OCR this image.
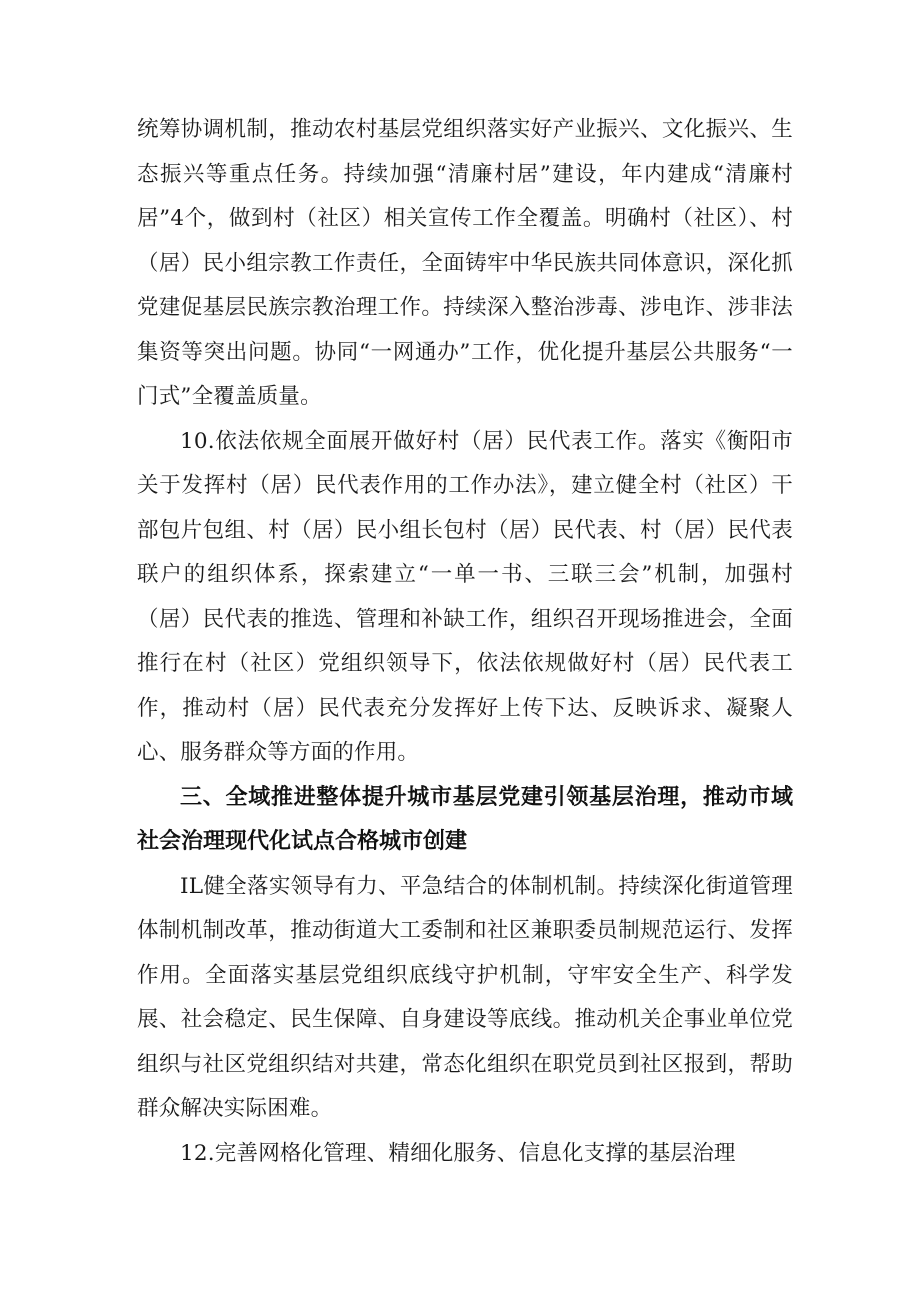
统筹协调机制，推动农村基层党组织落实好产业振兴、文化振兴、生态振兴等重点任务。持续加强“清廉村居”建设，年内建成“清廉村居”4个，做到村（社区）相关宣传工作全覆盖。明确村（社区）、村（居）民小组宗教工作责任，全面铸牢中华民族共同体意识，深化抓党建促基层民族宗教治理工作。持续深入整治涉毒、涉电诈、涉非法集资等突出问题。协同“一网通办”工作，优化提升基层公共服务“一门式”全覆盖质量。

10.依法依规全面展开做好村（居）民代表工作。落实《衡阳市关于发挥村（居）民代表作用的工作办法》，建立健全村（社区）干部包片包组、村（居）民小组长包村（居）民代表、村（居）民代表联户的组织体系，探索建立“一单一书、三联三会”机制，加强村（居）民代表的推选、管理和补缺工作，组织召开现场推进会，全面推行在村（社区）党组织领导下，依法依规做好村（居）民代表工作，推动村（居）民代表充分发挥好上传下达、反映诉求、凝聚人心、服务群众等方面的作用。

三、全域推进整体提升城市基层党建引领基层治理，推动市域社会治理现代化试点合格城市创建

IL健全落实领导有力、平急结合的体制机制。持续深化街道管理体制机制改革，推动街道大工委制和社区兼职委员制规范运行、发挥作用。全面落实基层党组织底线守护机制，守牢安全生产、科学发展、社会稳定、民生保障、自身建设等底线。推动机关企事业单位党组织与社区党组织结对共建，常态化组织在职党员到社区报到，帮助群众解决实际困难。

12.完善网格化管理、精细化服务、信息化支撑的基层治理
